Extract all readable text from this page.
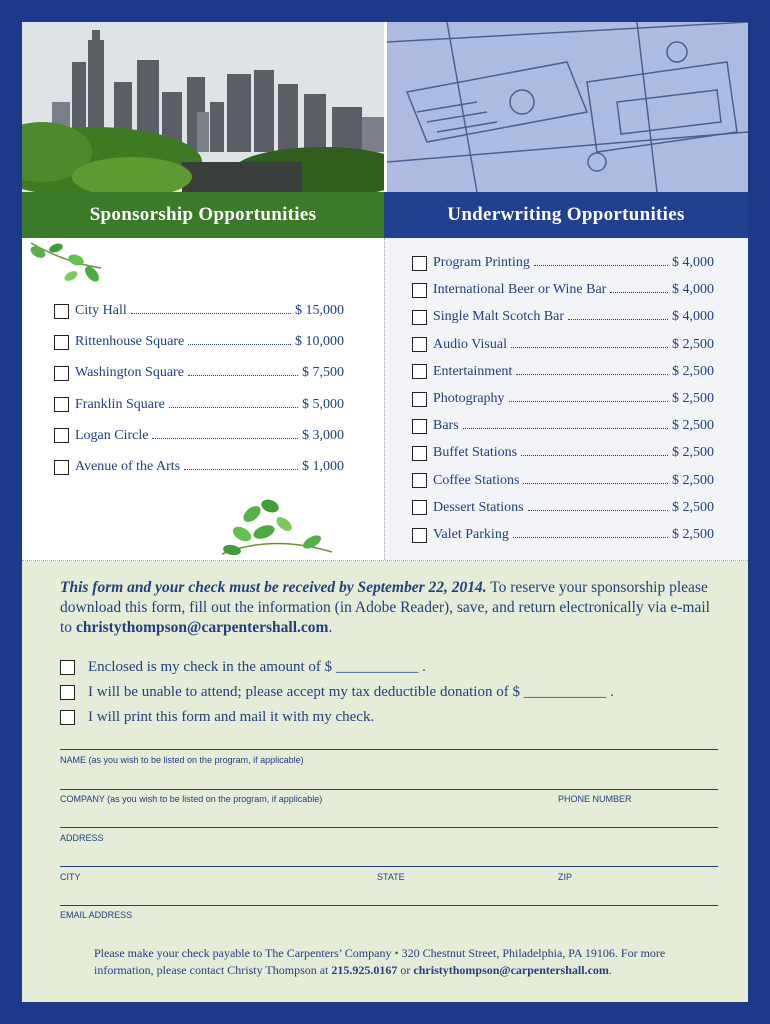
Sponsorship Opportunities	Underwriting Opportunities
City Hall	$ 15,000
Rittenhouse Square	$ 10,000
Washington Square	$ 7,500
Franklin Square	$ 5,000
Logan Circle	$ 3,000
Avenue of the Arts	$ 1,000
Program Printing	$ 4,000
International Beer or Wine Bar	$ 4,000
Single Malt Scotch Bar	$ 4,000
Audio Visual	$ 2,500
Entertainment	$ 2,500
Photography	$ 2,500
Bars	$ 2,500
Buffet Stations	$ 2,500
Coffee Stations	$ 2,500
Dessert Stations	$ 2,500
Valet Parking	$ 2,500
This form and your check must be received by September 22, 2014. To reserve your sponsorship please download this form, fill out the information (in Adobe Reader), save, and return electronically via e-mail to christythompson@carpentershall.com.
Enclosed is my check in the amount of $ ___________ .
I will be unable to attend; please accept my tax deductible donation of $ ___________ .
I will print this form and mail it with my check.
NAME (as you wish to be listed on the program, if applicable)
COMPANY (as you wish to be listed on the program, if applicable)	PHONE NUMBER
ADDRESS
CITY	STATE	ZIP
EMAIL ADDRESS
Please make your check payable to The Carpenters’ Company • 320 Chestnut Street, Philadelphia, PA 19106. For more information, please contact Christy Thompson at 215.925.0167 or christythompson@carpentershall.com.
